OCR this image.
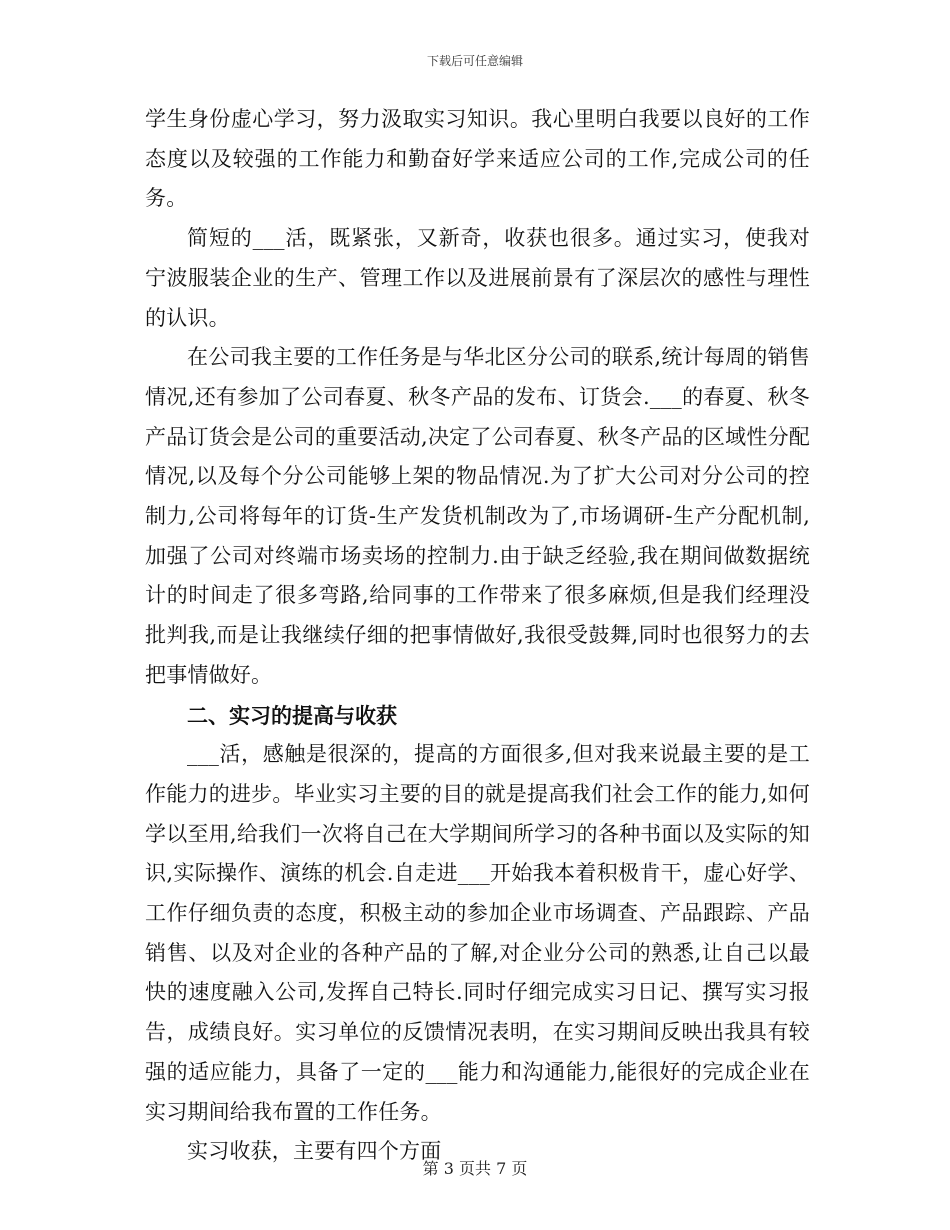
下载后可任意编辑

学生身份虚心学习，努力汲取实习知识。我心里明白我要以良好的工作态度以及较强的工作能力和勤奋好学来适应公司的工作,完成公司的任务。

简短的___活，既紧张，又新奇，收获也很多。通过实习，使我对宁波服装企业的生产、管理工作以及进展前景有了深层次的感性与理性的认识。

在公司我主要的工作任务是与华北区分公司的联系,统计每周的销售情况,还有参加了公司春夏、秋冬产品的发布、订货会.___的春夏、秋冬产品订货会是公司的重要活动,决定了公司春夏、秋冬产品的区域性分配情况,以及每个分公司能够上架的物品情况.为了扩大公司对分公司的控制力,公司将每年的订货-生产发货机制改为了,市场调研-生产分配机制,加强了公司对终端市场卖场的控制力.由于缺乏经验,我在期间做数据统计的时间走了很多弯路,给同事的工作带来了很多麻烦,但是我们经理没批判我,而是让我继续仔细的把事情做好,我很受鼓舞,同时也很努力的去把事情做好。

二、实习的提高与收获

___活，感触是很深的，提高的方面很多,但对我来说最主要的是工作能力的进步。毕业实习主要的目的就是提高我们社会工作的能力,如何学以至用,给我们一次将自己在大学期间所学习的各种书面以及实际的知识,实际操作、演练的机会.自走进___开始我本着积极肯干，虚心好学、工作仔细负责的态度，积极主动的参加企业市场调查、产品跟踪、产品销售、以及对企业的各种产品的了解,对企业分公司的熟悉,让自己以最快的速度融入公司,发挥自己特长.同时仔细完成实习日记、撰写实习报告，成绩良好。实习单位的反馈情况表明，在实习期间反映出我具有较强的适应能力，具备了一定的___能力和沟通能力,能很好的完成企业在实习期间给我布置的工作任务。

实习收获，主要有四个方面

第 3 页共 7 页
